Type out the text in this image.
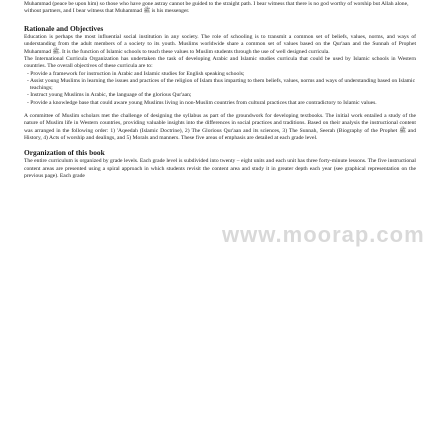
Muhammad (peace be upon him) so those who have gone astray cannot be guided to the straight path. I bear witness that there is no god worthy of worship but Allah alone, without partners, and I bear witness that Muhammad ﷺ is his messenger.

Rationale and Objectives

Education is perhaps the most influential social institution in any society. The role of schooling is to transmit a common set of beliefs, values, norms, and ways of understanding from the adult members of a society to its youth. Muslims worldwide share a common set of values based on the Qur'aan and the Sunnah of Prophet Muhammad ﷺ. It is the function of Islamic schools to teach these values to Muslim students through the use of well designed curricula.

The International Curricula Organization has undertaken the task of developing Arabic and Islamic studies curricula that could be used by Islamic schools in Western countries. The overall objectives of these curricula are to:

- Provide a framework for instruction in Arabic and Islamic studies for English speaking schools;
- Assist young Muslims in learning the issues and practices of the religion of Islam thus imparting to them beliefs, values, norms and ways of understanding based on Islamic teachings;
- Instruct young Muslims in Arabic, the language of the glorious Qur'aan;
- Provide a knowledge base that could aware young Muslims living in non-Muslim countries from cultural practices that are contradictory to Islamic values.

A committee of Muslim scholars met the challenge of designing the syllabus as part of the groundwork for developing textbooks. The initial work entailed a study of the nature of Muslim life in Western countries, providing valuable insights into the differences in social practices and traditions. Based on their analysis the instructional content was arranged in the following order: 1) 'Aqeedah (Islamic Doctrine), 2) The Glorious Qur'aan and its sciences, 3) The Sunnah, Seerah (Biography of the Prophet ﷺ and History, 4) Acts of worship and dealings, and 5) Morals and manners. These five areas of emphasis are detailed at each grade level.

Organization of this book

The entire curriculum is organized by grade levels. Each grade level is subdivided into twenty – eight units and each unit has three forty-minute lessons. The five instructional content areas are presented using a spiral approach in which students revisit the content area and study it in greater depth each year (see graphical representation on the previous page). Each grade

www.moorap.com
